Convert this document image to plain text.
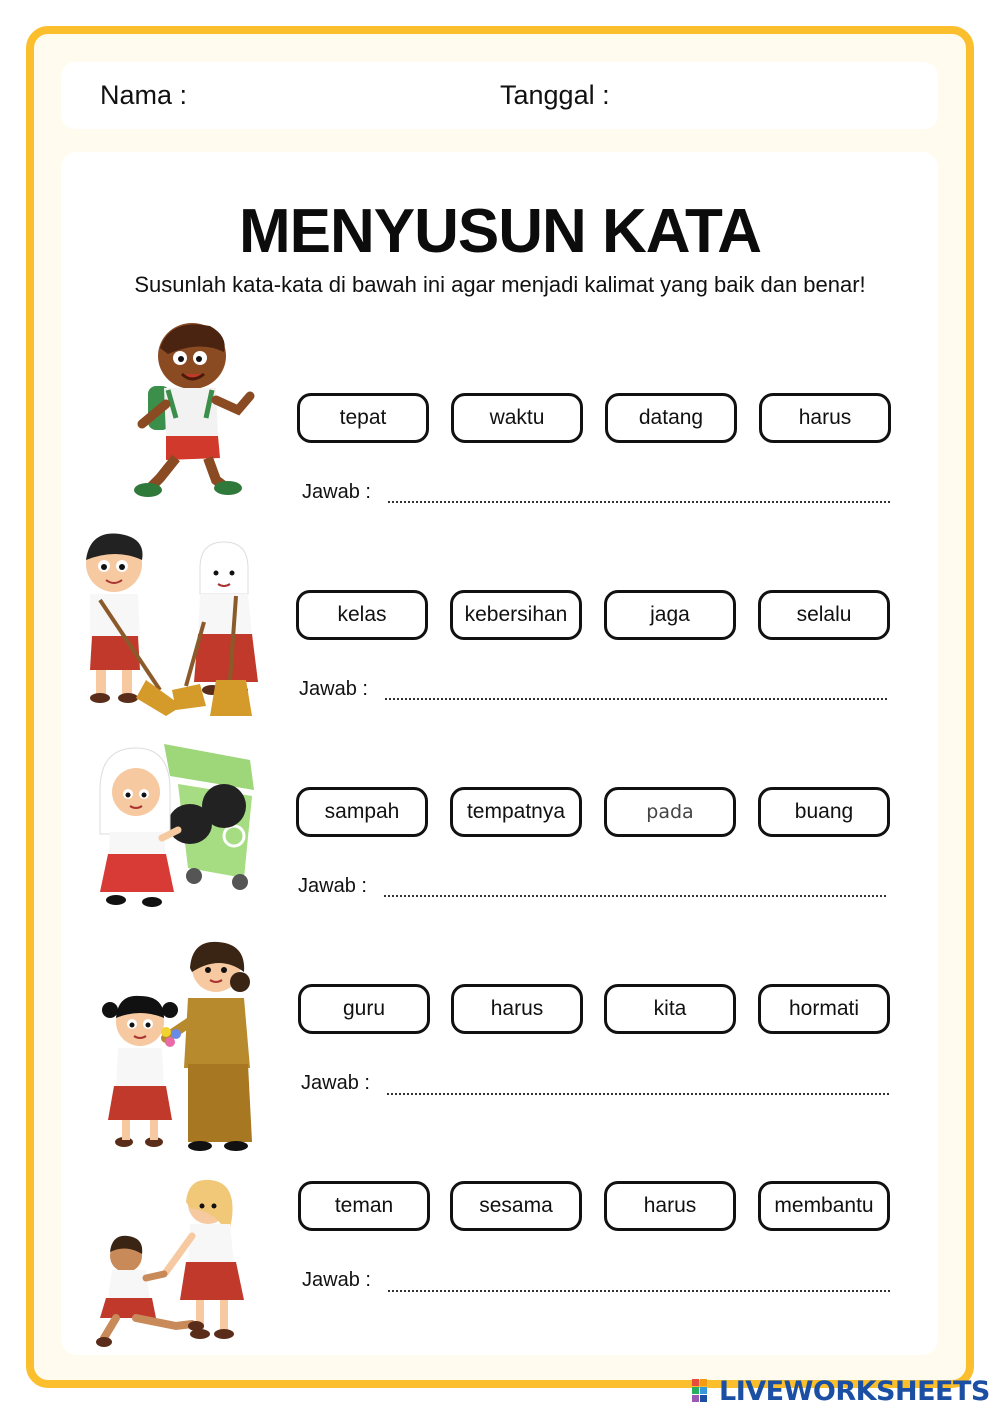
Nama :	Tanggal :
MENYUSUN KATA
Susunlah kata-kata di bawah ini agar menjadi kalimat yang baik dan benar!
tepat	waktu	datang	harus
Jawab :
kelas	kebersihan	jaga	selalu
Jawab :
sampah	tempatnya	pada	buang
Jawab :
guru	harus	kita	hormati
Jawab :
teman	sesama	harus	membantu
Jawab :
LIVEWORKSHEETS
